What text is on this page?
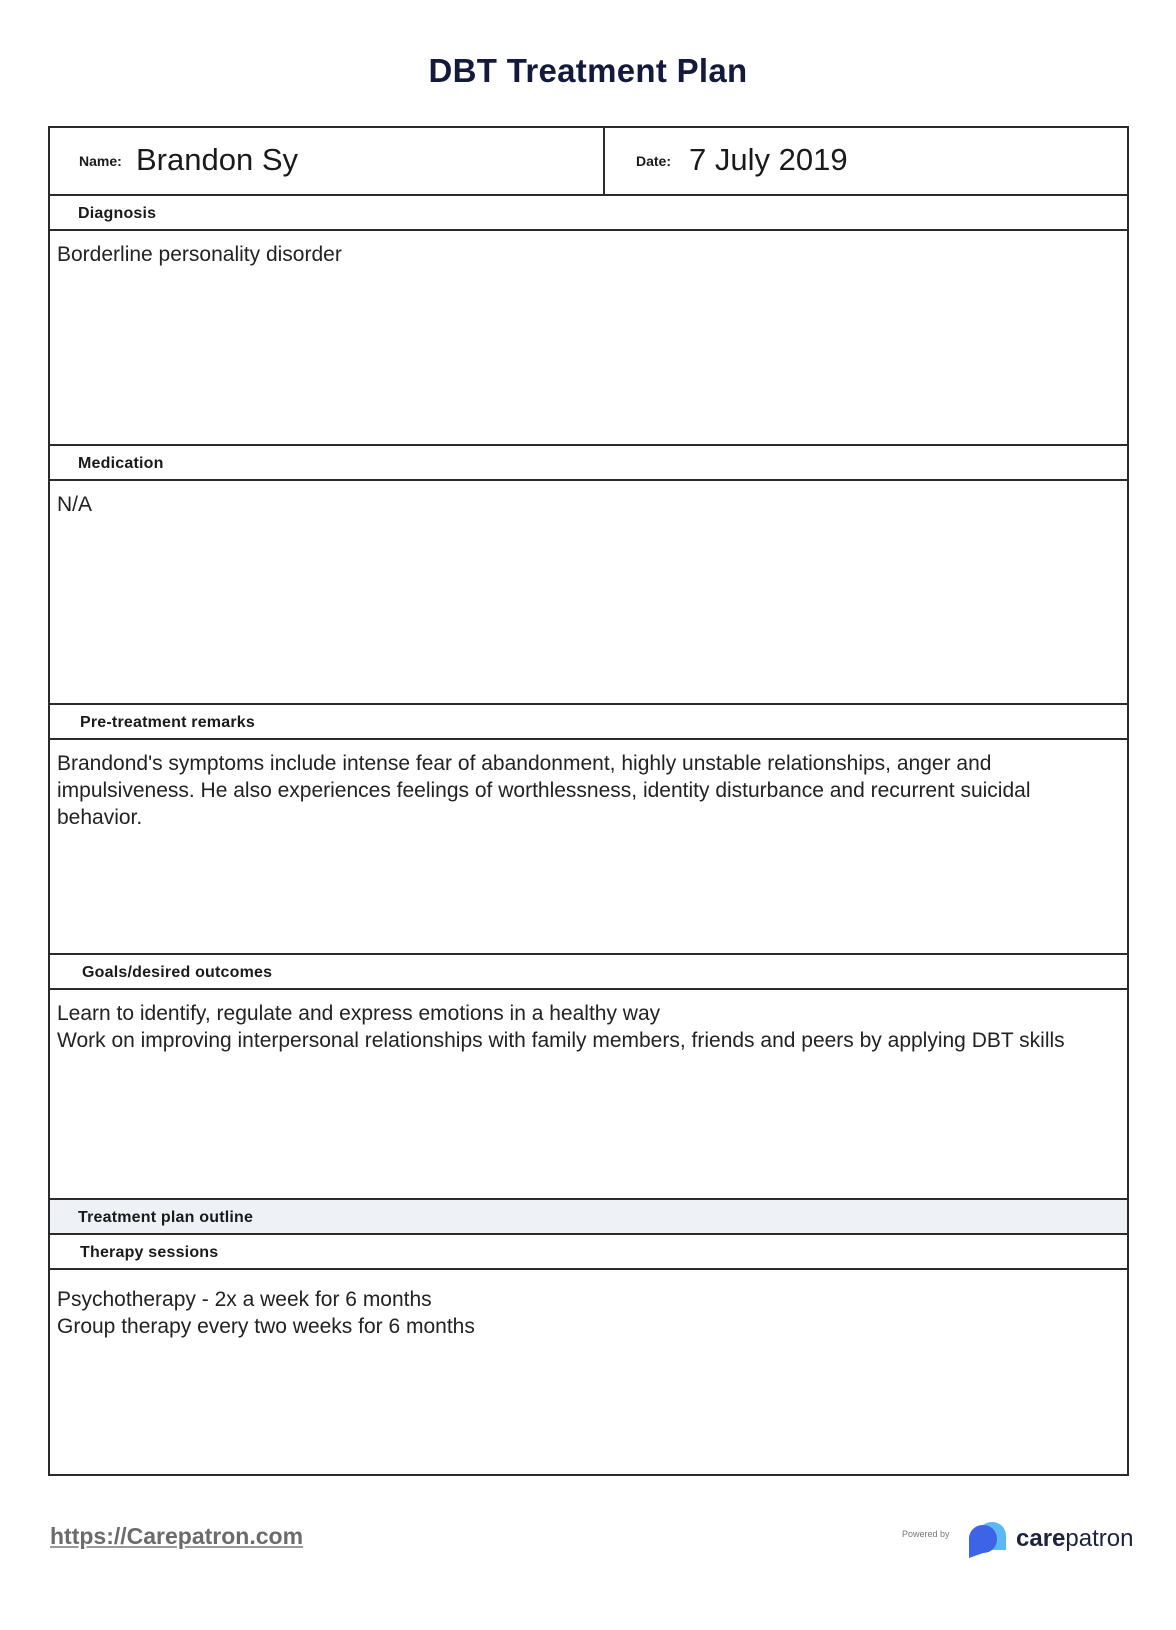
DBT Treatment Plan
Name: Brandon Sy	Date: 7 July 2019
Diagnosis

Borderline personality disorder

Medication

N/A

Pre-treatment remarks

Brandond's symptoms include intense fear of abandonment, highly unstable relationships, anger and impulsiveness. He also experiences feelings of worthlessness, identity disturbance and recurrent suicidal behavior.

Goals/desired outcomes

Learn to identify, regulate and express emotions in a healthy way

Work on improving interpersonal relationships with family members, friends and peers by applying DBT skills

Treatment plan outline
Therapy sessions

Psychotherapy - 2x a week for 6 months

Group therapy every two weeks for 6 months

https://Carepatron.com	Powered by	carepatron
